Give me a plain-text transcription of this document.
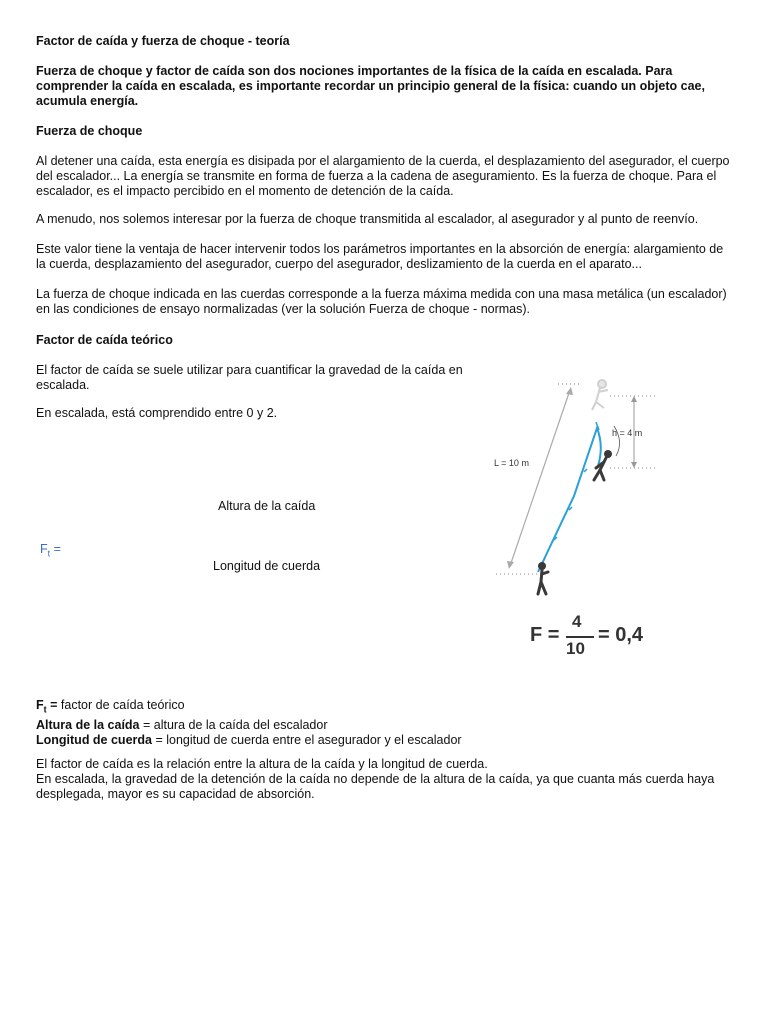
Factor de caída y fuerza de choque - teoría

Fuerza de choque y factor de caída son dos nociones importantes de la física de la caída en escalada. Para comprender la caída en escalada, es importante recordar un principio general de la física: cuando un objeto cae, acumula energía.

Fuerza de choque

Al detener una caída, esta energía es disipada por el alargamiento de la cuerda, el desplazamiento del asegurador, el cuerpo del escalador... La energía se transmite en forma de fuerza a la cadena de aseguramiento. Es la fuerza de choque. Para el escalador, es el impacto percibido en el momento de detención de la caída.

A menudo, nos solemos interesar por la fuerza de choque transmitida al escalador, al asegurador y al punto de reenvío.

Este valor tiene la ventaja de hacer intervenir todos los parámetros importantes en la absorción de energía: alargamiento de la cuerda, desplazamiento del asegurador, cuerpo del asegurador, deslizamiento de la cuerda en el aparato...

La fuerza de choque indicada en las cuerdas corresponde a la fuerza máxima medida con una masa metálica (un escalador) en las condiciones de ensayo normalizadas (ver la solución Fuerza de choque - normas).

Factor de caída teórico

El factor de caída se suele utilizar para cuantificar la gravedad de la caída en escalada.

En escalada, está comprendido entre 0 y 2.

Altura de la caída

$F_t$ =

Longitud de cuerda

h = 4 m
L = 10 m
F =
4
10
= 0,4
$F_t$ = factor de caída teórico
Altura de la caída = altura de la caída del escalador
Longitud de cuerda = longitud de cuerda entre el asegurador y el escalador
El factor de caída es la relación entre la altura de la caída y la longitud de cuerda.
En escalada, la gravedad de la detención de la caída no depende de la altura de la caída, ya que cuanta más cuerda haya desplegada, mayor es su capacidad de absorción.
